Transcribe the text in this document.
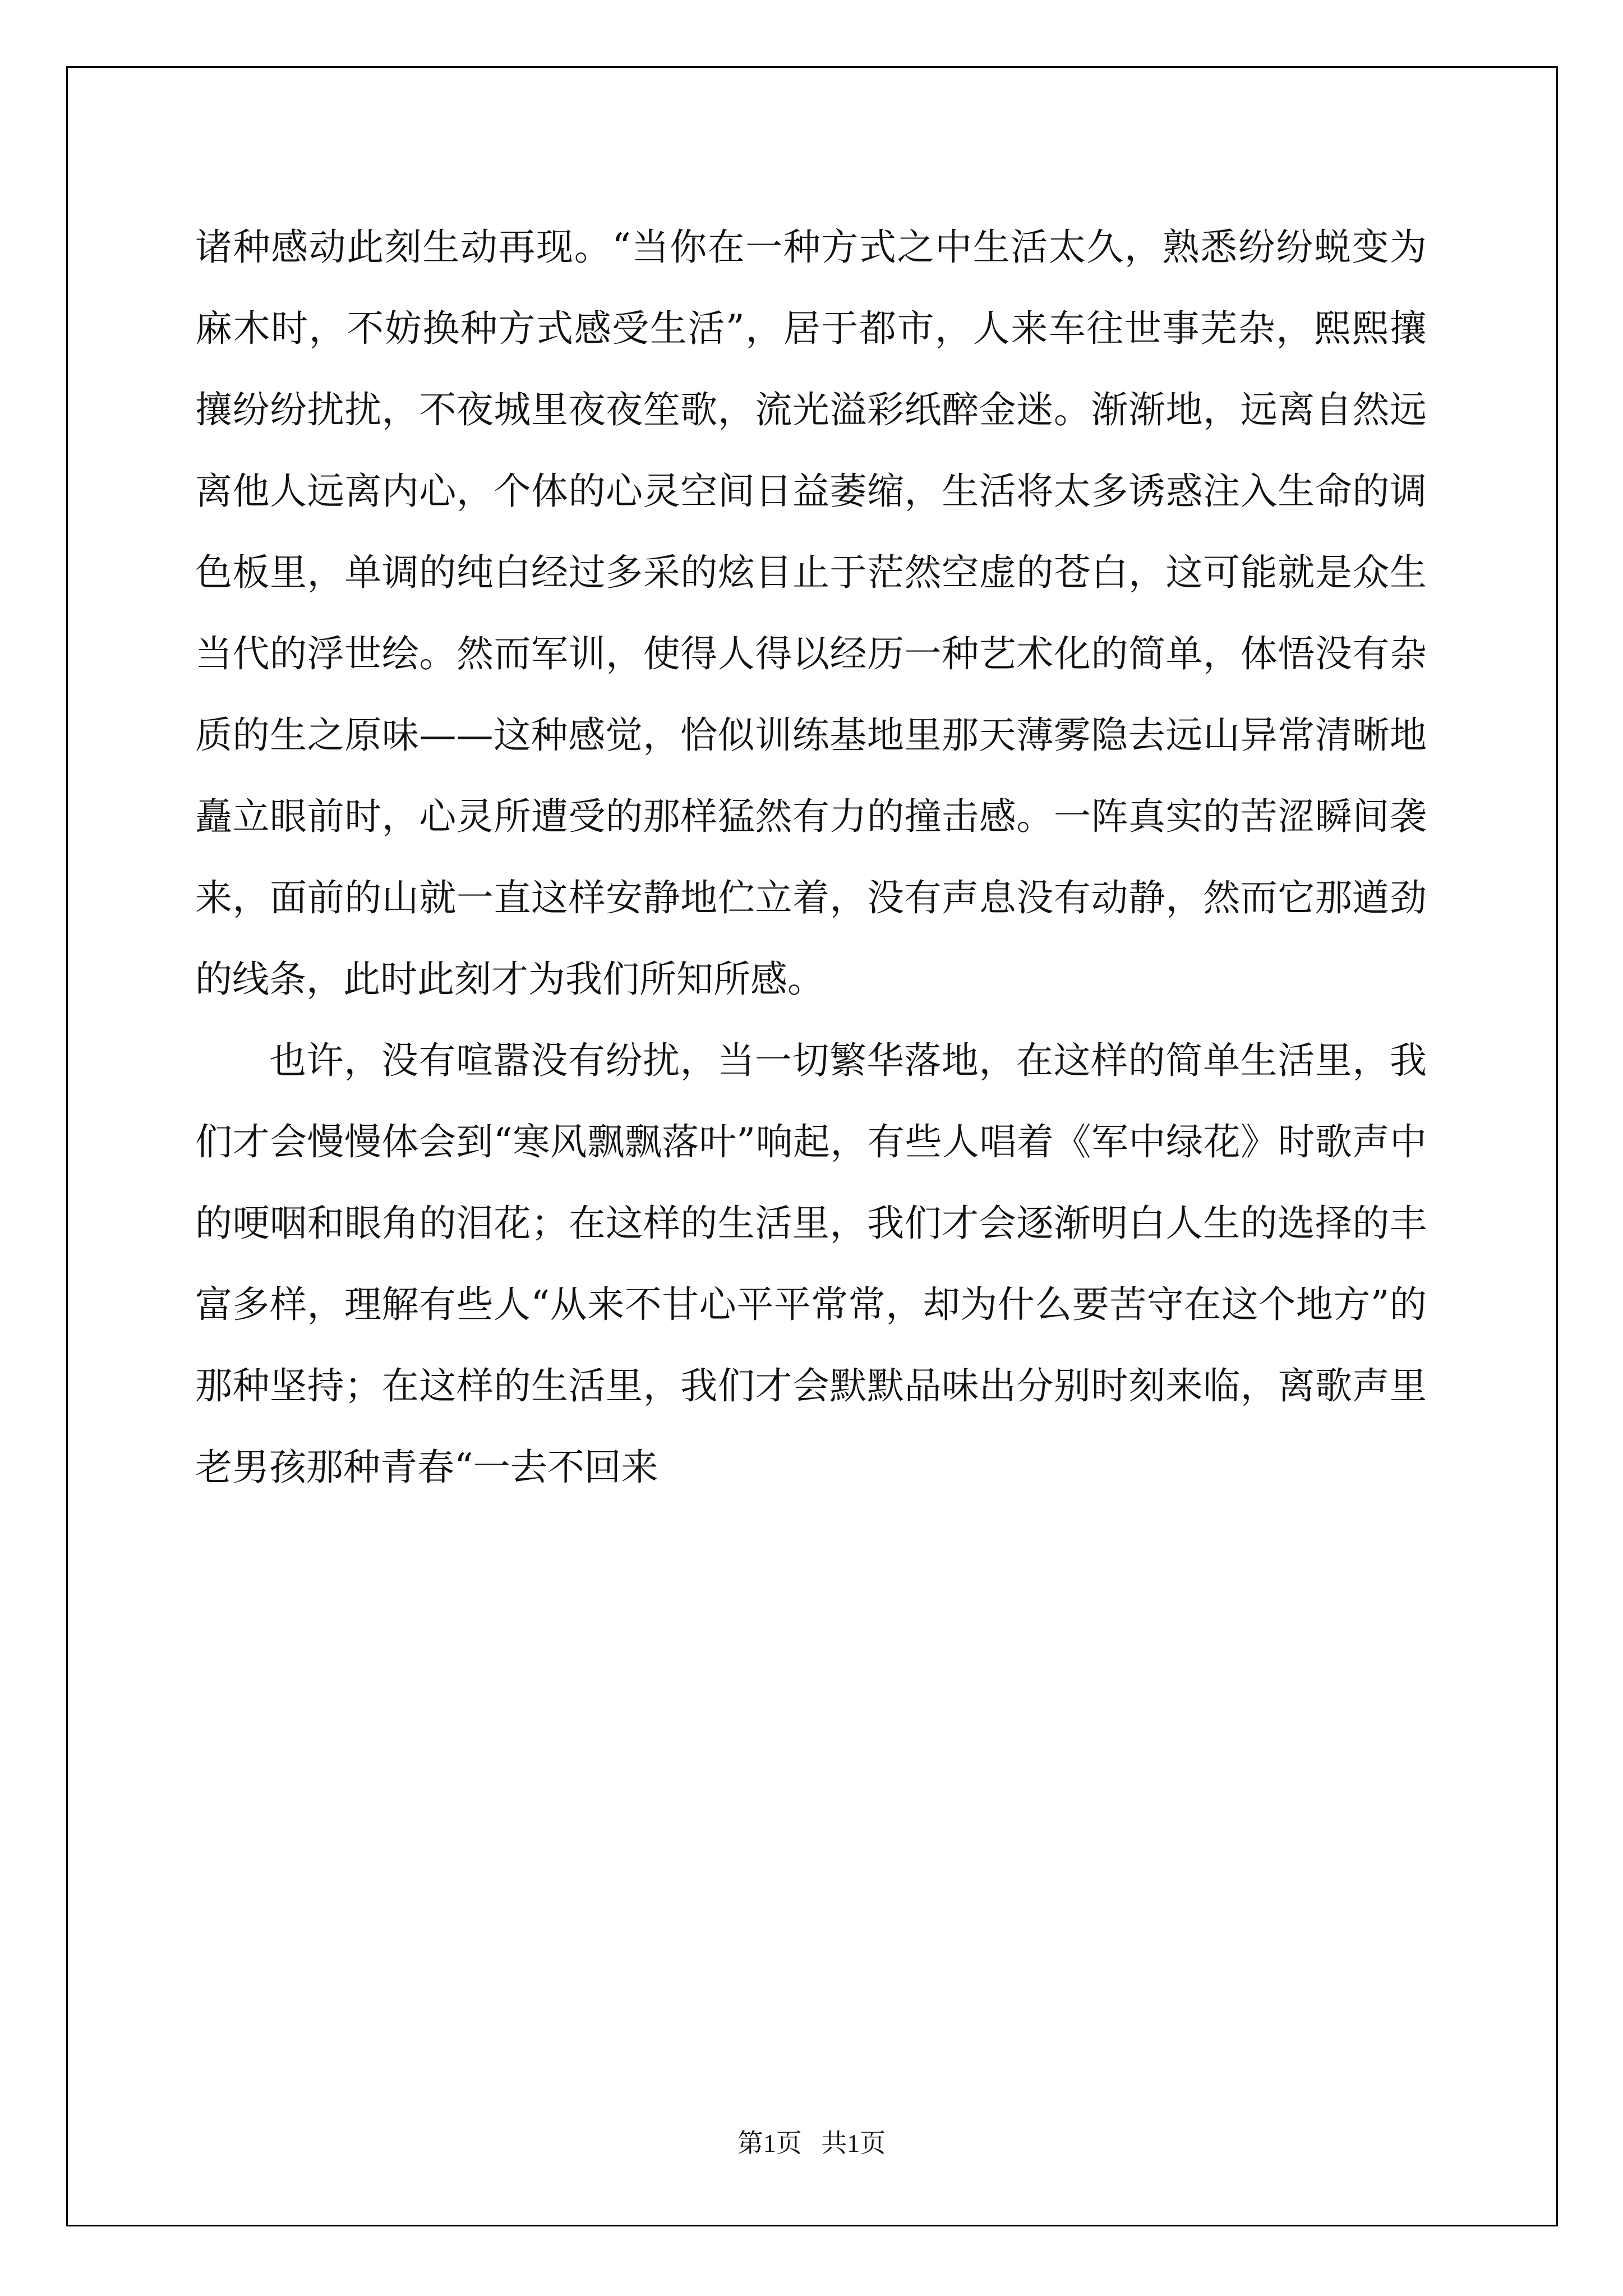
诸种感动此刻生动再现。“当你在一种方式之中生活太久，熟悉纷纷蜕变为麻木时，不妨换种方式感受生活”，居于都市，人来车往世事芜杂，熙熙攘攘纷纷扰扰，不夜城里夜夜笙歌，流光溢彩纸醉金迷。渐渐地，远离自然远离他人远离内心，个体的心灵空间日益萎缩，生活将太多诱惑注入生命的调色板里，单调的纯白经过多采的炫目止于茫然空虚的苍白，这可能就是众生当代的浮世绘。然而军训，使得人得以经历一种艺术化的简单，体悟没有杂质的生之原味——这种感觉，恰似训练基地里那天薄雾隐去远山异常清晰地矗立眼前时，心灵所遭受的那样猛然有力的撞击感。一阵真实的苦涩瞬间袭来，面前的山就一直这样安静地伫立着，没有声息没有动静，然而它那遒劲的线条，此时此刻才为我们所知所感。

也许，没有喧嚣没有纷扰，当一切繁华落地，在这样的简单生活里，我们才会慢慢体会到“寒风飘飘落叶”响起，有些人唱着《军中绿花》时歌声中的哽咽和眼角的泪花；在这样的生活里，我们才会逐渐明白人生的选择的丰富多样，理解有些人“从来不甘心平平常常，却为什么要苦守在这个地方”的那种坚持；在这样的生活里，我们才会默默品味出分别时刻来临，离歌声里老男孩那种青春“一去不回来

第1页   共1页
